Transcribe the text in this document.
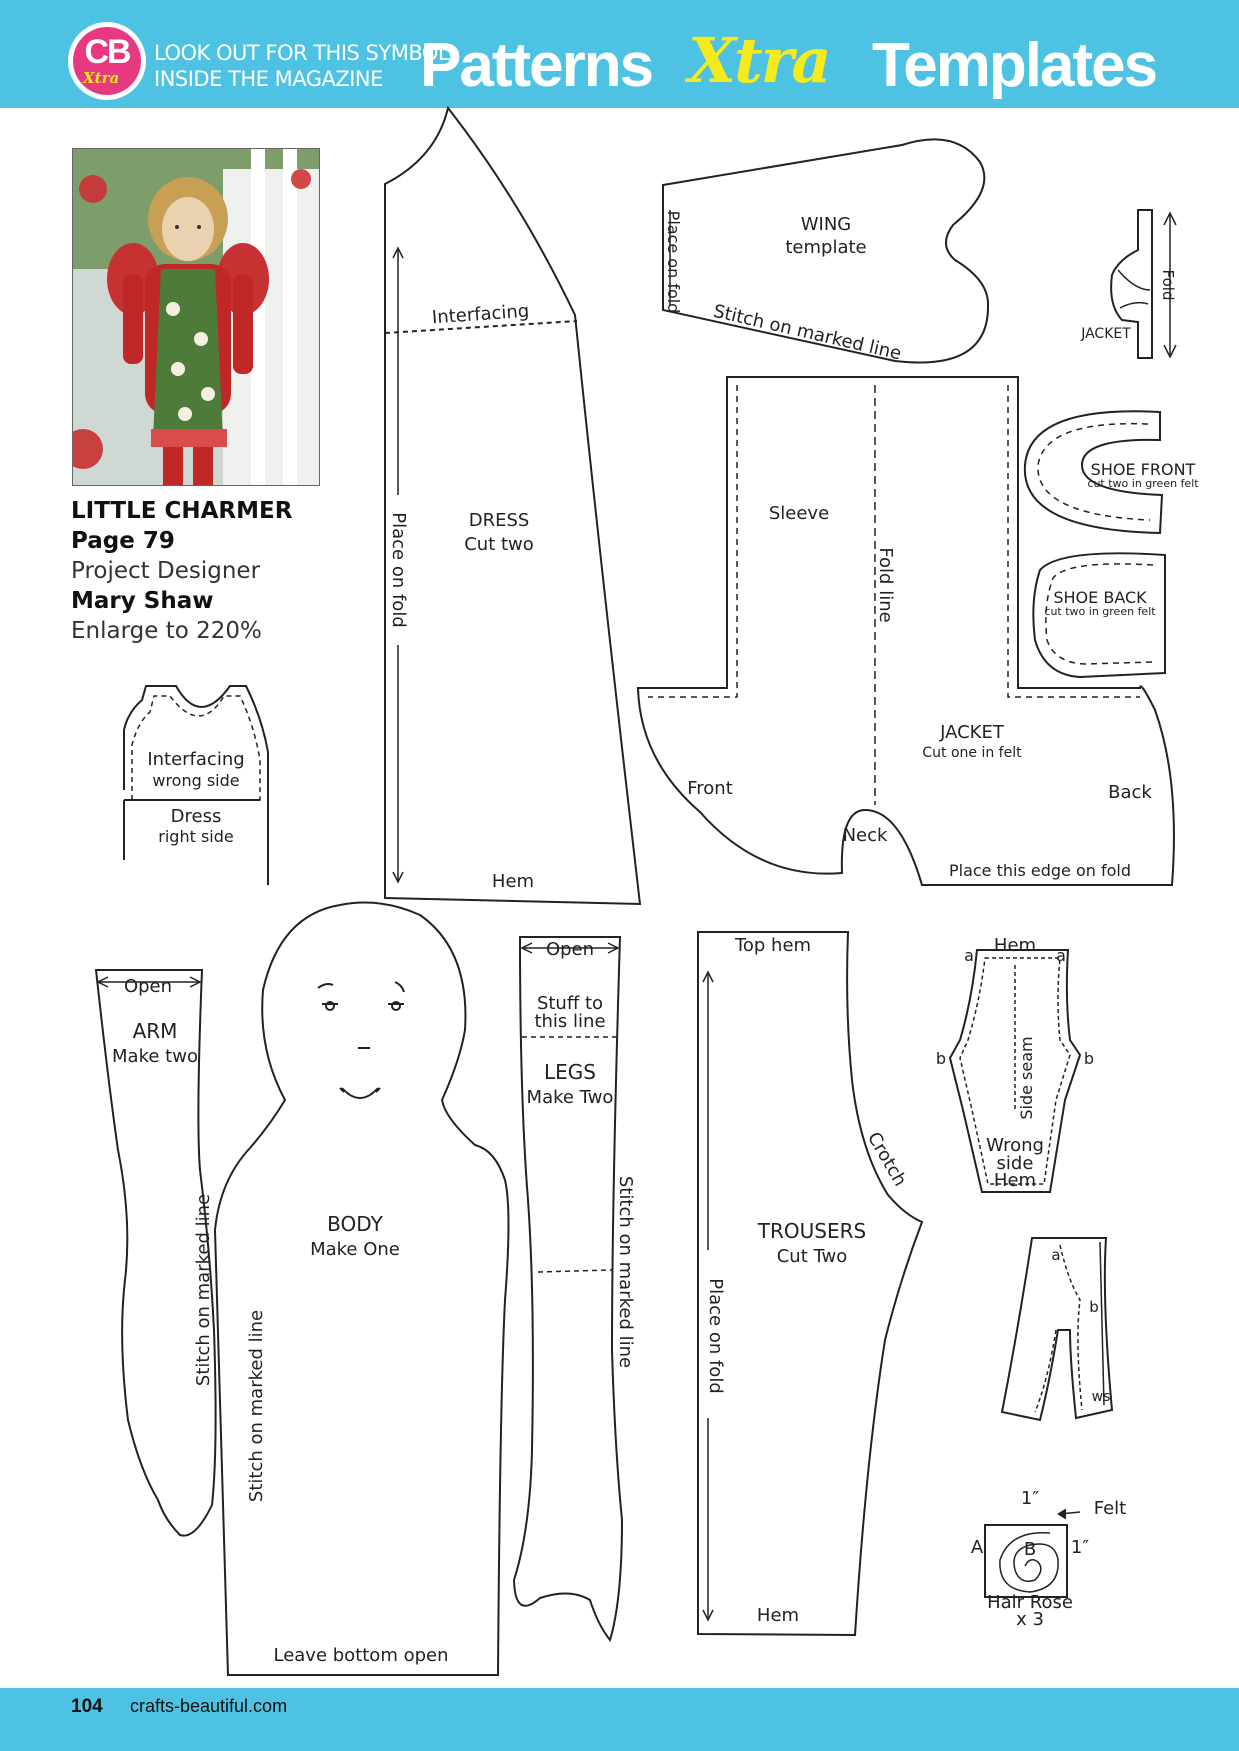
CB
Xtra
LOOK OUT FOR THIS SYMBOL
INSIDE THE MAGAZINE Patterns Xtra Templates
LITTLE CHARMER
Page 79
Project Designer
Mary Shaw
Enlarge to 220%
Interfacing
wrong side
Dress
right side
DRESS
Cut two
Interfacing
Place on fold
Hem
WING
template
Place on fold
Stitch on marked line	JACKET
Fold
SHOE FRONT
cut two in green felt
SHOE BACK
cut two in green felt
Sleeve
Fold line
JACKET
Cut one in felt
Front	Back
Neck
Place this edge on fold
Open
ARM
Make two
Stitch on marked line	BODY
Make One
Stitch on marked line
Leave bottom open
Open
Stuff to
this line
LEGS
Make Two
Stitch on marked line
Top hem
Crotch
TROUSERS
Cut Two
Place on fold
Hem
Hem
a	a
b	b
Side seam
Wrong
side
Hem
a
b
ws
1″	Felt
A B 1″
Hair Rose
x 3
104 crafts-beautiful.com
